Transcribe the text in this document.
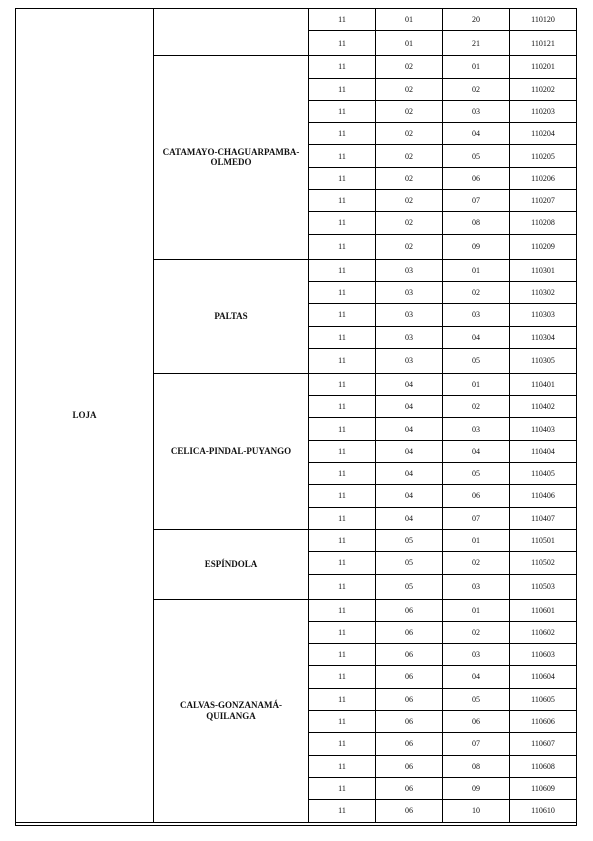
LOJA		11	01	20	110120
		11	01	21	110121
	CATAMAYO-CHAGUARPAMBA-OLMEDO	11	02	01	110201
		11	02	02	110202
		11	02	03	110203
		11	02	04	110204
		11	02	05	110205
		11	02	06	110206
		11	02	07	110207
		11	02	08	110208
		11	02	09	110209
	PALTAS	11	03	01	110301
		11	03	02	110302
		11	03	03	110303
		11	03	04	110304
		11	03	05	110305
	CELICA-PINDAL-PUYANGO	11	04	01	110401
		11	04	02	110402
		11	04	03	110403
		11	04	04	110404
		11	04	05	110405
		11	04	06	110406
		11	04	07	110407
	ESPÍNDOLA	11	05	01	110501
		11	05	02	110502
		11	05	03	110503
	CALVAS-GONZANAMÁ-QUILANGA	11	06	01	110601
		11	06	02	110602
		11	06	03	110603
		11	06	04	110604
		11	06	05	110605
		11	06	06	110606
		11	06	07	110607
		11	06	08	110608
		11	06	09	110609
		11	06	10	110610
